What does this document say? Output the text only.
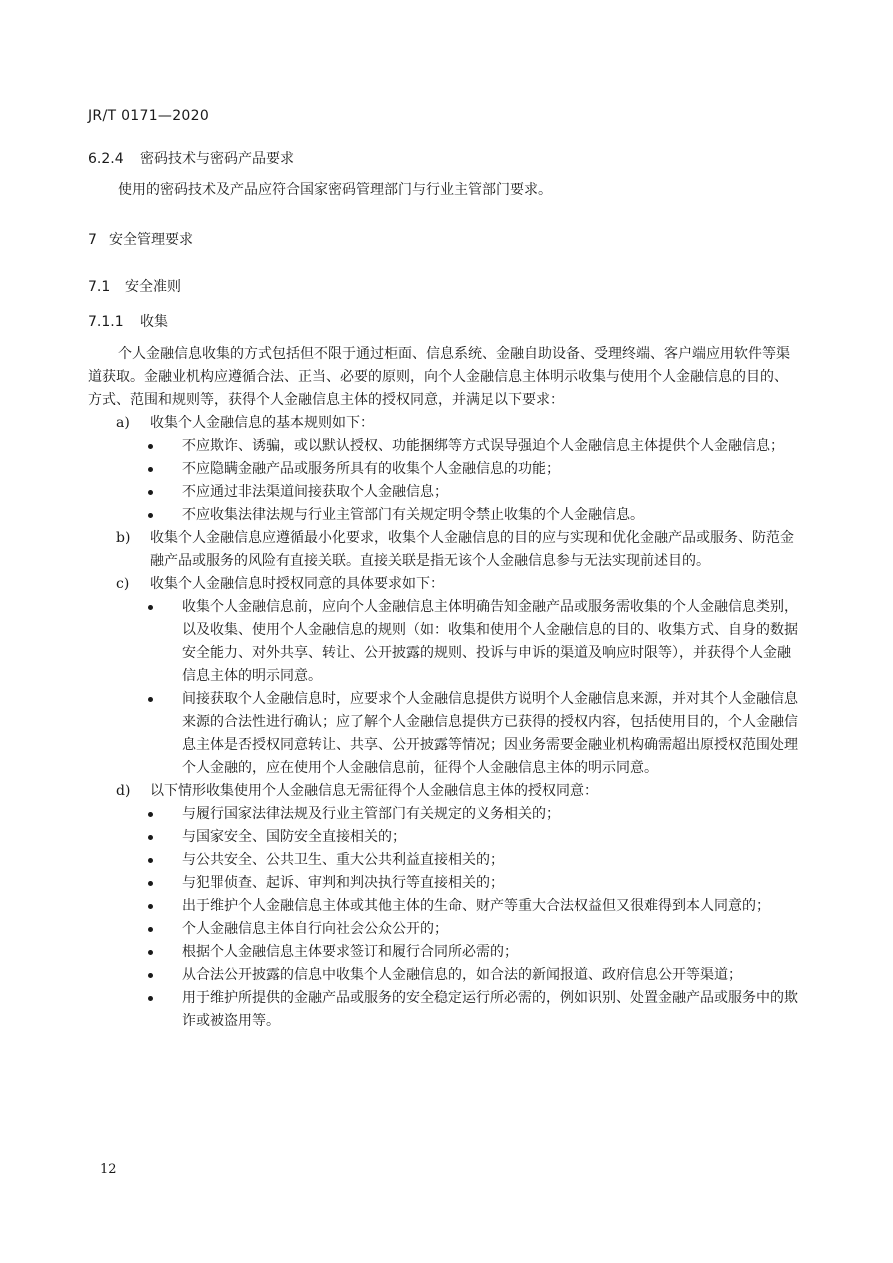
JR/T 0171—2020
6.2.4 密码技术与密码产品要求

使用的密码技术及产品应符合国家密码管理部门与行业主管部门要求。

7 安全管理要求
7.1 安全准则
7.1.1 收集

个人金融信息收集的方式包括但不限于通过柜面、信息系统、金融自助设备、受理终端、客户端应用软件等渠道获取。金融业机构应遵循合法、正当、必要的原则，向个人金融信息主体明示收集与使用个人金融信息的目的、方式、范围和规则等，获得个人金融信息主体的授权同意，并满足以下要求：

a) 收集个人金融信息的基本规则如下：
不应欺诈、诱骗，或以默认授权、功能捆绑等方式误导强迫个人金融信息主体提供个人金融信息；
不应隐瞒金融产品或服务所具有的收集个人金融信息的功能；
不应通过非法渠道间接获取个人金融信息；
不应收集法律法规与行业主管部门有关规定明令禁止收集的个人金融信息。
b) 收集个人金融信息应遵循最小化要求，收集个人金融信息的目的应与实现和优化金融产品或服务、防范金融产品或服务的风险有直接关联。直接关联是指无该个人金融信息参与无法实现前述目的。
c) 收集个人金融信息时授权同意的具体要求如下：
收集个人金融信息前，应向个人金融信息主体明确告知金融产品或服务需收集的个人金融信息类别，以及收集、使用个人金融信息的规则（如：收集和使用个人金融信息的目的、收集方式、自身的数据安全能力、对外共享、转让、公开披露的规则、投诉与申诉的渠道及响应时限等），并获得个人金融信息主体的明示同意。
间接获取个人金融信息时，应要求个人金融信息提供方说明个人金融信息来源，并对其个人金融信息来源的合法性进行确认；应了解个人金融信息提供方已获得的授权内容，包括使用目的，个人金融信息主体是否授权同意转让、共享、公开披露等情况；因业务需要金融业机构确需超出原授权范围处理个人金融的，应在使用个人金融信息前，征得个人金融信息主体的明示同意。
d) 以下情形收集使用个人金融信息无需征得个人金融信息主体的授权同意：
与履行国家法律法规及行业主管部门有关规定的义务相关的；
与国家安全、国防安全直接相关的；
与公共安全、公共卫生、重大公共利益直接相关的；
与犯罪侦查、起诉、审判和判决执行等直接相关的；
出于维护个人金融信息主体或其他主体的生命、财产等重大合法权益但又很难得到本人同意的；
个人金融信息主体自行向社会公众公开的；
根据个人金融信息主体要求签订和履行合同所必需的；
从合法公开披露的信息中收集个人金融信息的，如合法的新闻报道、政府信息公开等渠道；
用于维护所提供的金融产品或服务的安全稳定运行所必需的，例如识别、处置金融产品或服务中的欺诈或被盗用等。
12
